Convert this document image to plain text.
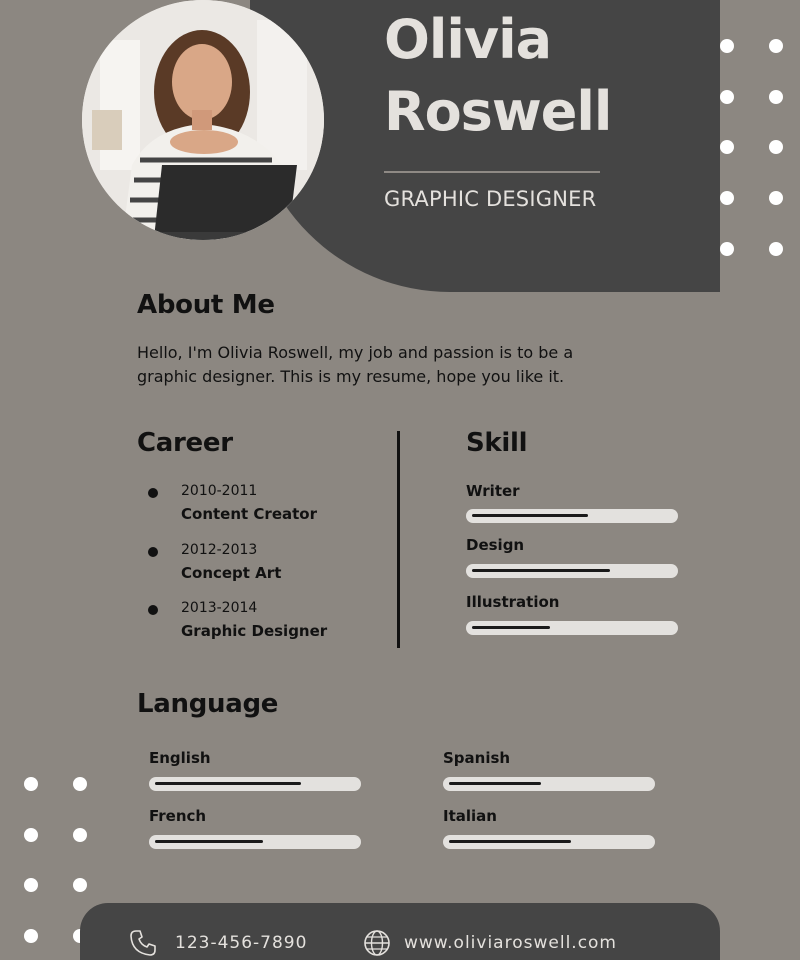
Olivia
Roswell
GRAPHIC DESIGNER
About Me
Hello, I'm Olivia Roswell, my job and passion is to be a graphic designer. This is my resume, hope you like it.
Career
2010-2011
Content Creator
2012-2013
Concept Art
2013-2014
Graphic Designer
Skill
Writer
Design
Illustration
Language
English	Spanish
French	Italian
123-456-7890	www.oliviaroswell.com
